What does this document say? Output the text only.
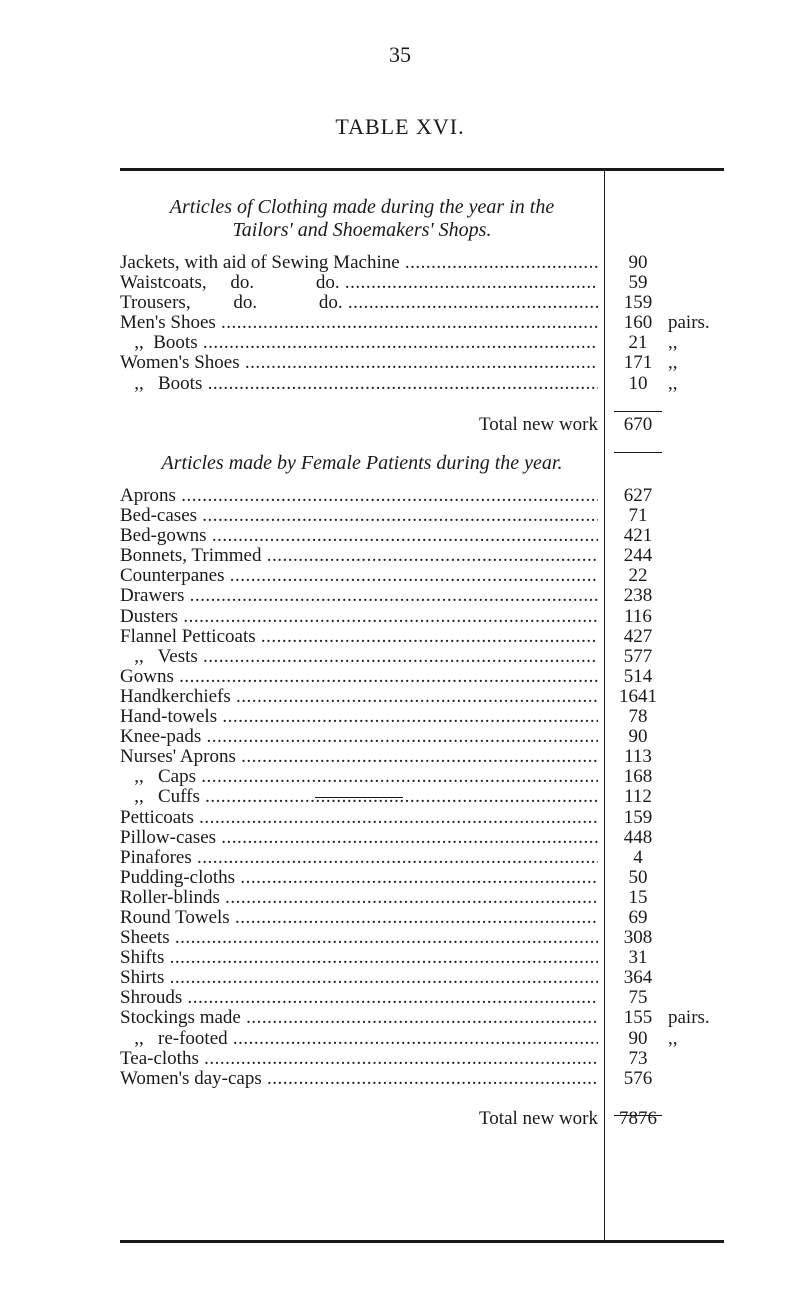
35
TABLE XVI.
Articles of Clothing made during the year in the
Tailors' and Shoemakers' Shops.
Jackets, with aid of Sewing Machine .....	90
Waistcoats,     do.             do. .....	59
Trousers,         do.             do. .....	159
Men's Shoes .....	160 pairs.
,,  Boots .....	21	,,
Women's Shoes .....	171 ,,
,,   Boots .....	10	,,
Total new work	670
Articles made by Female Patients during the year.
Aprons .....	627
Bed-cases .....	71
Bed-gowns .....	421
Bonnets, Trimmed .....	244
Counterpanes .....	22
Drawers .....	238
Dusters .....	116
Flannel Petticoats .....	427
,,   Vests .....	577
Gowns .....	514
Handkerchiefs .....	1641
Hand-towels .....	78
Knee-pads .....	90
Nurses' Aprons .....	113
,,   Caps .....	168
,,   Cuffs .....	112
Petticoats .....	159
Pillow-cases .....	448
Pinafores .....	4
Pudding-cloths .....	50
Roller-blinds .....	15
Round Towels .....	69
Sheets .....	308
Shifts .....	31
Shirts .....	364
Shrouds .....	75
Stockings made .....	155 pairs.
,,   re-footed .....	90	,,
Tea-cloths .....	73
Women's day-caps .....	576
Total new work	7876
